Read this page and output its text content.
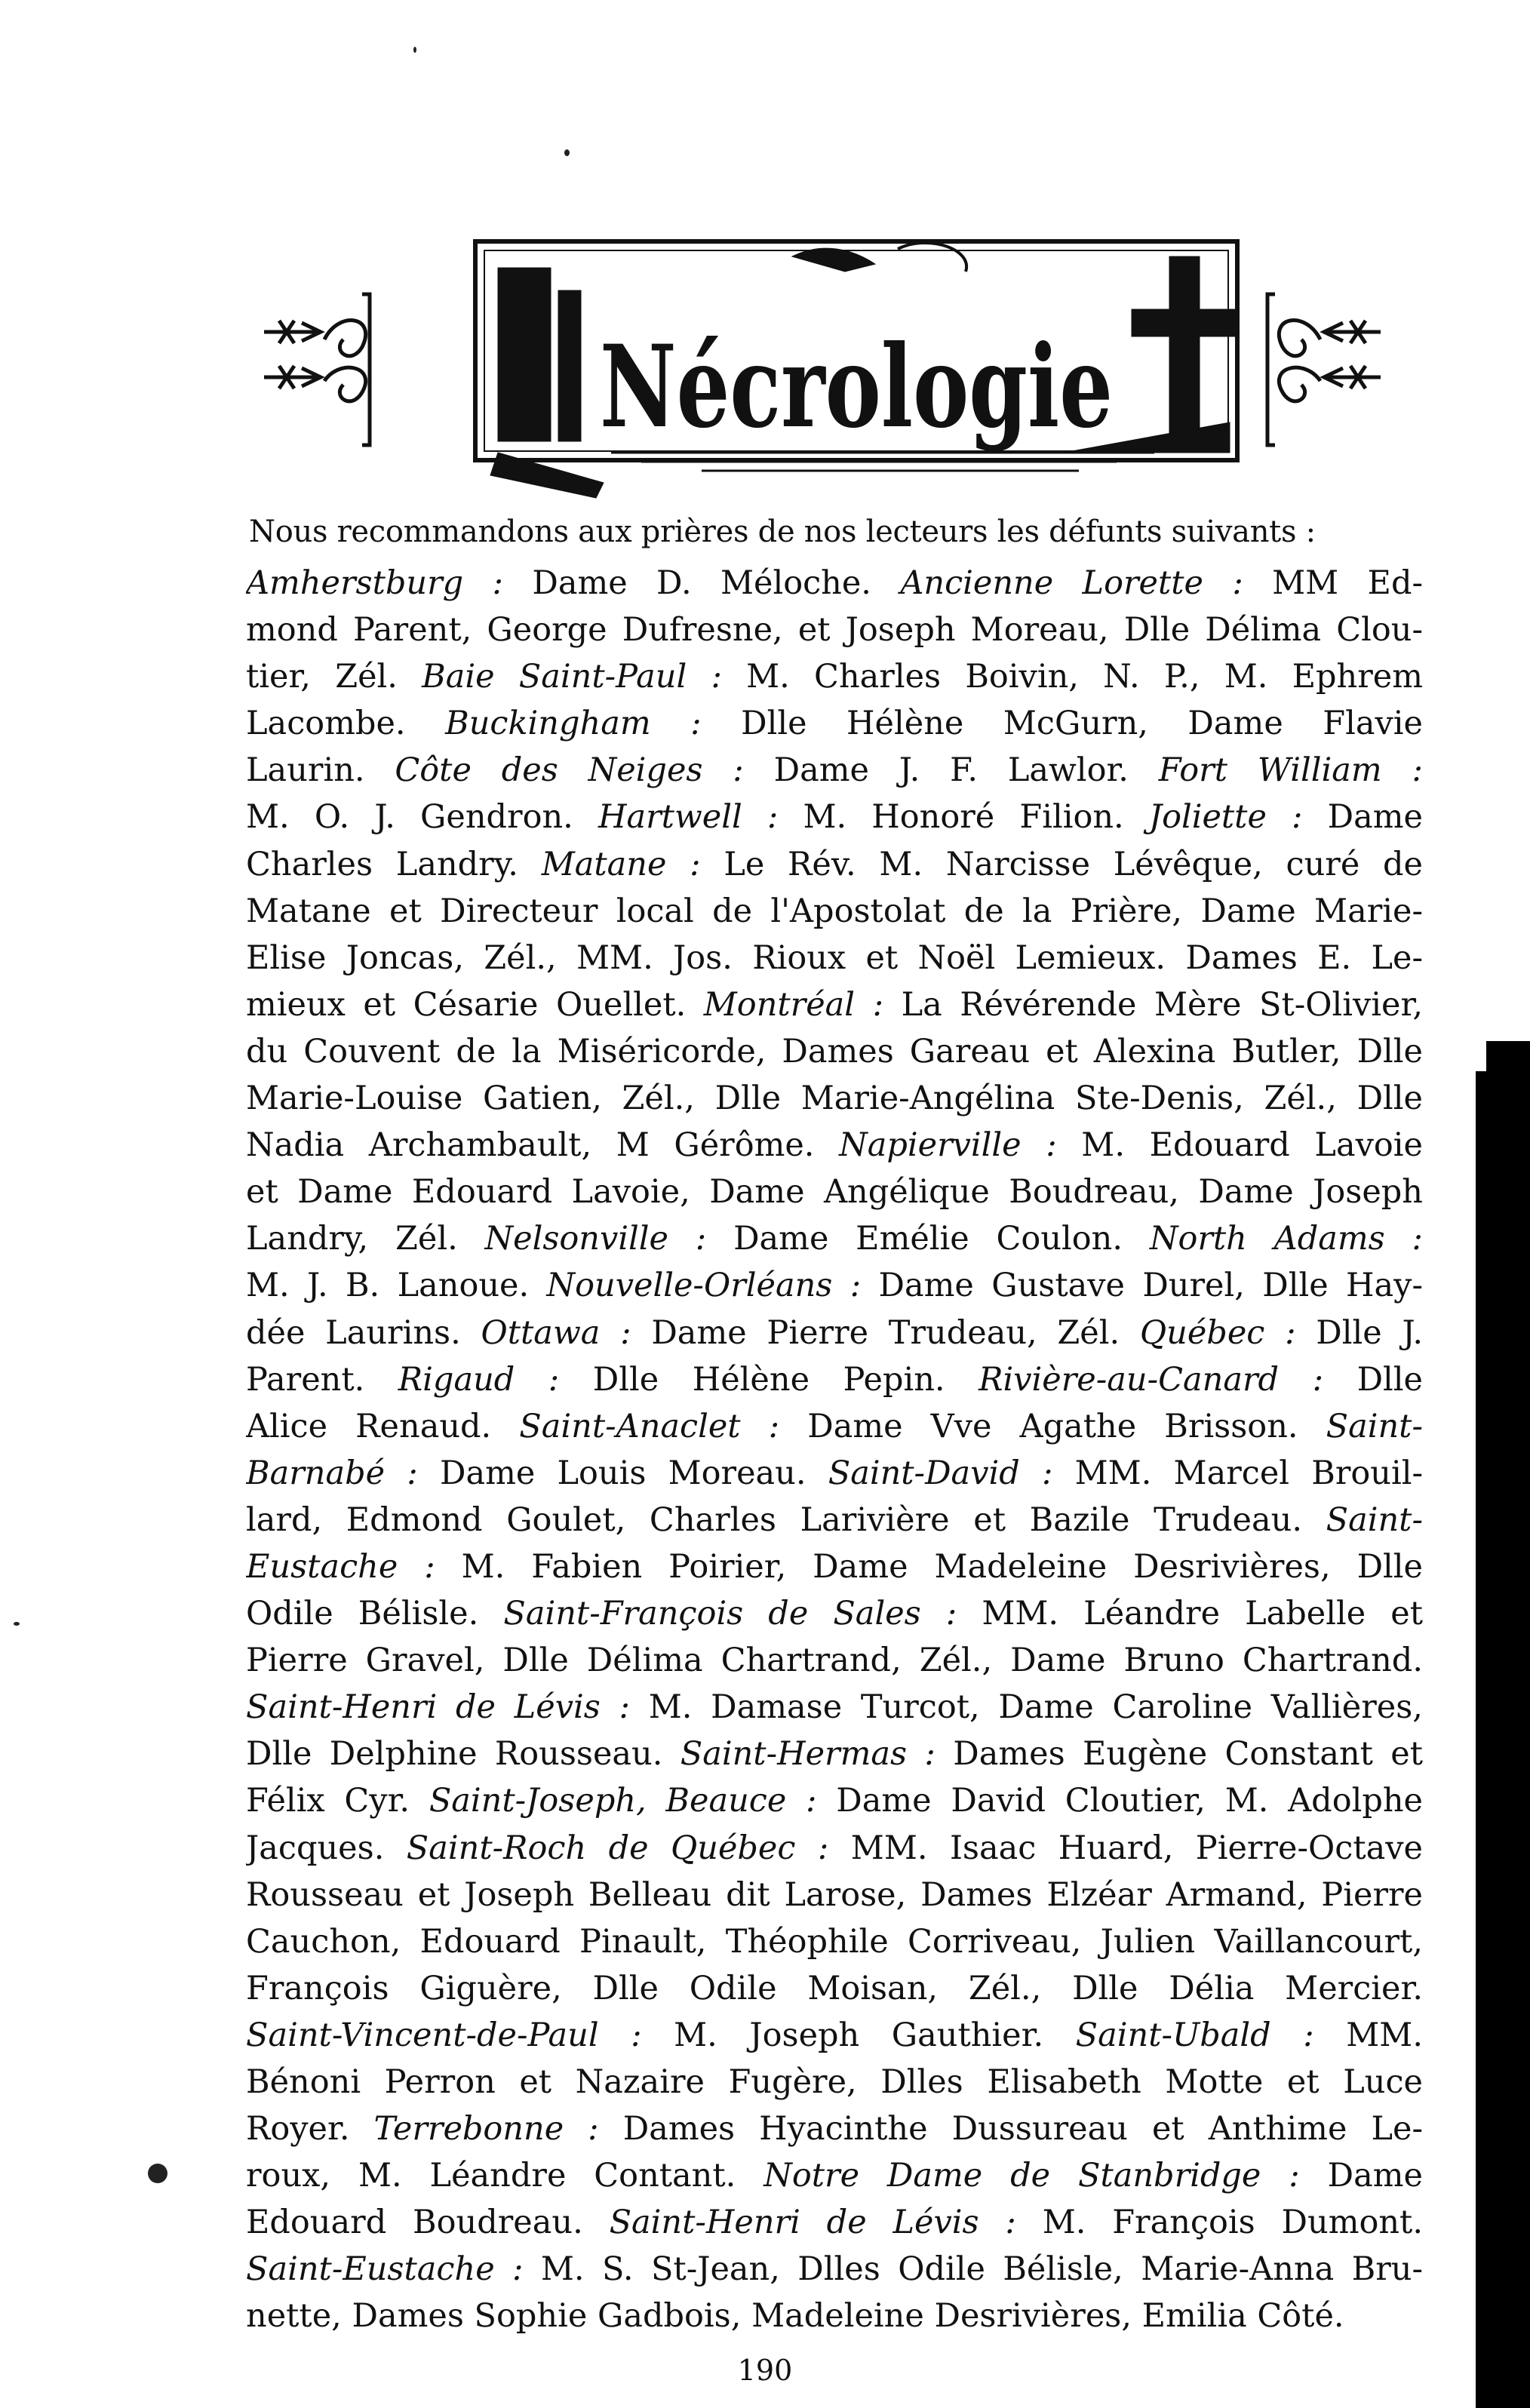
Nécrologie
Nous recommandons aux prières de nos lecteurs les défunts suivants :
Amherstburg : Dame D. Méloche. Ancienne Lorette : MM Ed-
mond Parent, George Dufresne, et Joseph Moreau, Dlle Délima Clou-
tier, Zél. Baie Saint-Paul : M. Charles Boivin, N. P., M. Ephrem
Lacombe. Buckingham : Dlle Hélène McGurn, Dame Flavie
Laurin. Côte des Neiges : Dame J. F. Lawlor. Fort William :
M. O. J. Gendron. Hartwell : M. Honoré Filion. Joliette : Dame
Charles Landry. Matane : Le Rév. M. Narcisse Lévêque, curé de
Matane et Directeur local de l'Apostolat de la Prière, Dame Marie-
Elise Joncas, Zél., MM. Jos. Rioux et Noël Lemieux. Dames E. Le-
mieux et Césarie Ouellet. Montréal : La Révérende Mère St-Olivier,
du Couvent de la Miséricorde, Dames Gareau et Alexina Butler, Dlle
Marie-Louise Gatien, Zél., Dlle Marie-Angélina Ste-Denis, Zél., Dlle
Nadia Archambault, M Gérôme. Napierville : M. Edouard Lavoie
et Dame Edouard Lavoie, Dame Angélique Boudreau, Dame Joseph
Landry, Zél. Nelsonville : Dame Emélie Coulon. North Adams :
M. J. B. Lanoue. Nouvelle-Orléans : Dame Gustave Durel, Dlle Hay-
dée Laurins. Ottawa : Dame Pierre Trudeau, Zél. Québec : Dlle J.
Parent. Rigaud : Dlle Hélène Pepin. Rivière-au-Canard : Dlle
Alice Renaud. Saint-Anaclet : Dame Vve Agathe Brisson. Saint-
Barnabé : Dame Louis Moreau. Saint-David : MM. Marcel Brouil-
lard, Edmond Goulet, Charles Larivière et Bazile Trudeau. Saint-
Eustache : M. Fabien Poirier, Dame Madeleine Desrivières, Dlle
Odile Bélisle. Saint-François de Sales : MM. Léandre Labelle et
Pierre Gravel, Dlle Délima Chartrand, Zél., Dame Bruno Chartrand.
Saint-Henri de Lévis : M. Damase Turcot, Dame Caroline Vallières,
Dlle Delphine Rousseau. Saint-Hermas : Dames Eugène Constant et
Félix Cyr. Saint-Joseph, Beauce : Dame David Cloutier, M. Adolphe
Jacques. Saint-Roch de Québec : MM. Isaac Huard, Pierre-Octave
Rousseau et Joseph Belleau dit Larose, Dames Elzéar Armand, Pierre
Cauchon, Edouard Pinault, Théophile Corriveau, Julien Vaillancourt,
François Giguère, Dlle Odile Moisan, Zél., Dlle Délia Mercier.
Saint-Vincent-de-Paul : M. Joseph Gauthier. Saint-Ubald : MM.
Bénoni Perron et Nazaire Fugère, Dlles Elisabeth Motte et Luce
Royer. Terrebonne : Dames Hyacinthe Dussureau et Anthime Le-
roux, M. Léandre Contant. Notre Dame de Stanbridge : Dame
Edouard Boudreau. Saint-Henri de Lévis : M. François Dumont.
Saint-Eustache : M. S. St-Jean, Dlles Odile Bélisle, Marie-Anna Bru-
nette, Dames Sophie Gadbois, Madeleine Desrivières, Emilia Côté.
190
